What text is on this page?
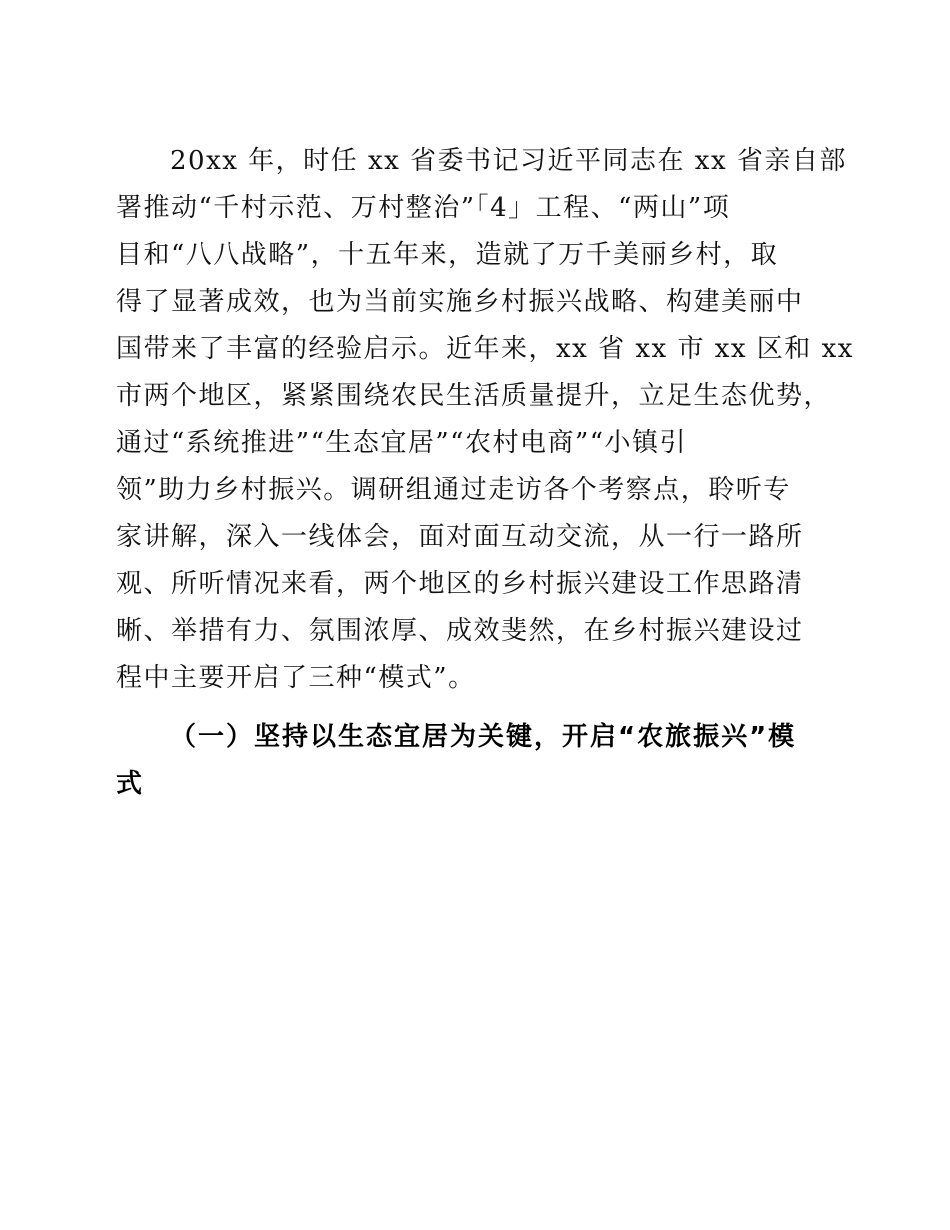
20xx 年，时任 xx 省委书记习近平同志在 xx 省亲自部
署推动“千村示范、万村整治”「4」工程、“两山”项
目和“八八战略”，十五年来，造就了万千美丽乡村，取
得了显著成效，也为当前实施乡村振兴战略、构建美丽中
国带来了丰富的经验启示。近年来，xx 省 xx 市 xx 区和 xx
市两个地区，紧紧围绕农民生活质量提升，立足生态优势，
通过“系统推进”“生态宜居”“农村电商”“小镇引
领”助力乡村振兴。调研组通过走访各个考察点，聆听专
家讲解，深入一线体会，面对面互动交流，从一行一路所
观、所听情况来看，两个地区的乡村振兴建设工作思路清
晰、举措有力、氛围浓厚、成效斐然，在乡村振兴建设过
程中主要开启了三种“模式”。
（一）坚持以生态宜居为关键，开启“农旅振兴”模
式
